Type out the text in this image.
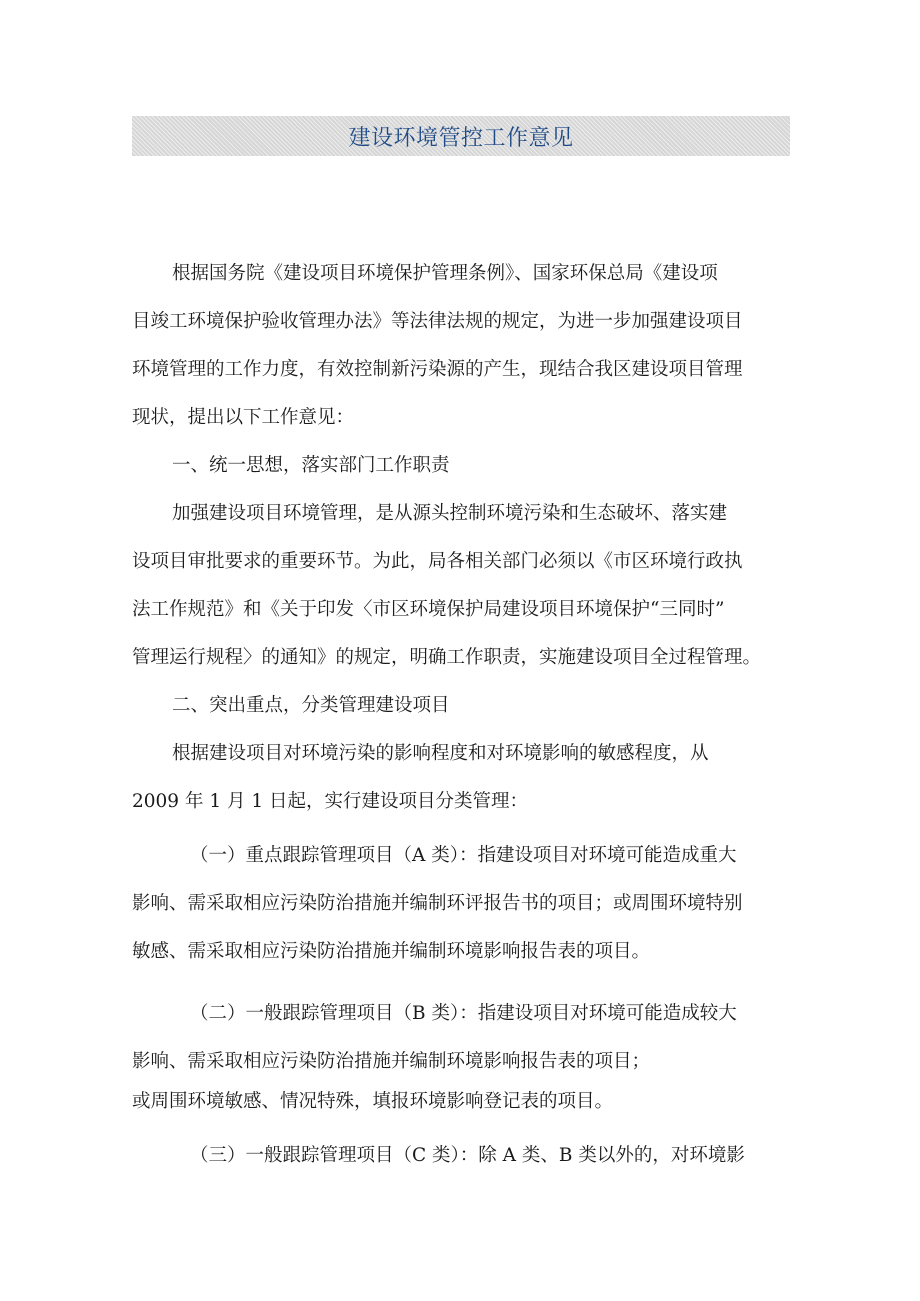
建设环境管控工作意见
根据国务院《建设项目环境保护管理条例》、国家环保总局《建设项
目竣工环境保护验收管理办法》等法律法规的规定，为进一步加强建设项目
环境管理的工作力度，有效控制新污染源的产生，现结合我区建设项目管理
现状，提出以下工作意见：
一、统一思想，落实部门工作职责
加强建设项目环境管理，是从源头控制环境污染和生态破坏、落实建
设项目审批要求的重要环节。为此，局各相关部门必须以《市区环境行政执
法工作规范》和《关于印发〈市区环境保护局建设项目环境保护“三同时”
管理运行规程〉的通知》的规定，明确工作职责，实施建设项目全过程管理。
二、突出重点，分类管理建设项目
根据建设项目对环境污染的影响程度和对环境影响的敏感程度，从
2009 年 1 月 1 日起，实行建设项目分类管理：
（一）重点跟踪管理项目（A 类）：指建设项目对环境可能造成重大
影响、需采取相应污染防治措施并编制环评报告书的项目；或周围环境特别
敏感、需采取相应污染防治措施并编制环境影响报告表的项目。
（二）一般跟踪管理项目（B 类）：指建设项目对环境可能造成较大
影响、需采取相应污染防治措施并编制环境影响报告表的项目；
或周围环境敏感、情况特殊，填报环境影响登记表的项目。
（三）一般跟踪管理项目（C 类）：除 A 类、B 类以外的，对环境影
